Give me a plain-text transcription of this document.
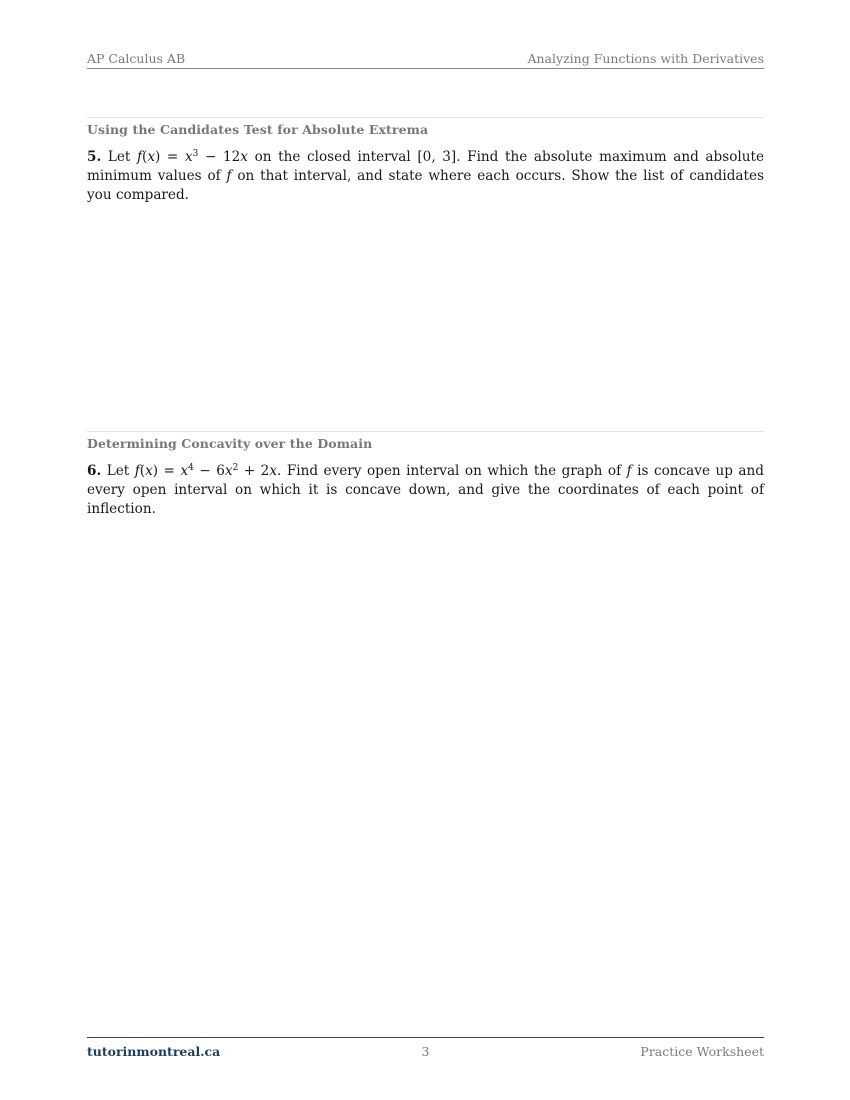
AP Calculus AB	Analyzing Functions with Derivatives
Using the Candidates Test for Absolute Extrema
5. Let $f(x) = x^3 - 12x$ on the closed interval [0, 3]. Find the absolute maximum and absolute minimum values of f on that interval, and state where each occurs. Show the list of candidates you compared.
Determining Concavity over the Domain
6. Let $f(x) = x^4 - 6x^2 + 2x$. Find every open interval on which the graph of f is concave up and every open interval on which it is concave down, and give the coordinates of each point of inflection.
tutorinmontreal.ca	3	Practice Worksheet
